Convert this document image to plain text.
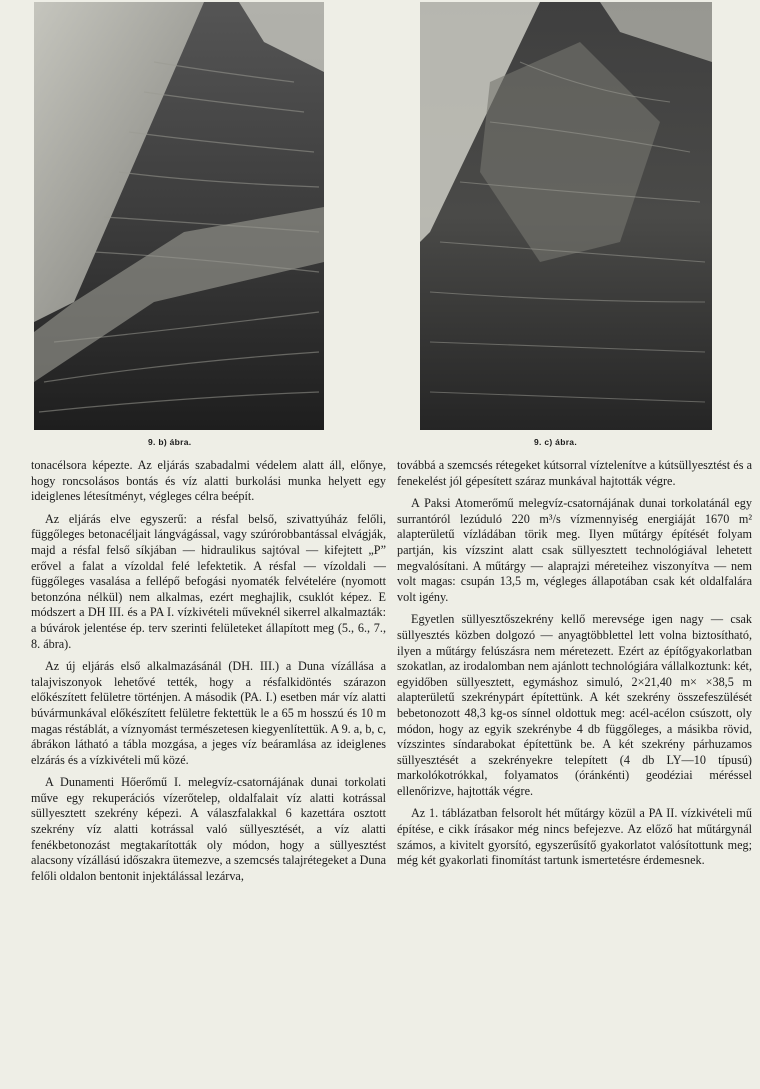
9. b) ábra.	9. c) ábra.

tonacélsora képezte. Az eljárás szabadalmi védelem alatt áll, előnye, hogy roncsolásos bontás és víz alatti burkolási munka helyett egy ideiglenes létesítményt, végleges célra beépít.

Az eljárás elve egyszerű: a résfal belső, szivattyúház felőli, függőleges betonacéljait lángvágással, vagy szúrórobbantással elvágják, majd a résfal felső síkjában — hidraulikus sajtóval — kifejtett „P” erővel a falat a vízoldal felé lefektetik. A résfal — vízoldali — függőleges vasalása a fellépő befogási nyomaték felvételére (nyomott betonzóna nélkül) nem alkalmas, ezért meghajlik, csuklót képez. E módszert a DH III. és a PA I. vízkivételi műveknél sikerrel alkalmazták: a búvárok jelentése ép. terv szerinti felületeket állapított meg (5., 6., 7., 8. ábra).

Az új eljárás első alkalmazásánál (DH. III.) a Duna vízállása a talajviszonyok lehetővé tették, hogy a résfalkidöntés szárazon előkészített felületre történjen. A második (PA. I.) esetben már víz alatti búvármunkával előkészített felületre fektettük le a 65 m hosszú és 10 m magas réstáblát, a víznyomást természetesen kiegyenlítettük. A 9. a, b, c, ábrákon látható a tábla mozgása, a jeges víz beáramlása az ideiglenes elzárás és a vízkivételi mű közé.

A Dunamenti Hőerőmű I. melegvíz-csatornájának dunai torkolati műve egy rekuperációs vízerőtelep, oldalfalait víz alatti kotrással süllyesztett szekrény képezi. A válaszfalakkal 6 kazettára osztott szekrény víz alatti kotrással való süllyesztését, a víz alatti fenékbetonozást megtakarították oly módon, hogy a süllyesztést alacsony vízállású időszakra ütemezve, a szemcsés talajrétegeket a Duna felőli oldalon bentonit injektálással lezárva,

továbbá a szemcsés rétegeket kútsorral víztelenítve a kútsüllyesztést és a fenekelést jól gépesített száraz munkával hajtották végre.

A Paksi Atomerőmű melegvíz-csatornájának dunai torkolatánál egy surrantóról lezúduló 220 m³/s vízmennyiség energiáját 1670 m² alapterületű vízládában törik meg. Ilyen műtárgy építését folyam partján, kis vízszint alatt csak süllyesztett technológiával lehetett megvalósítani. A műtárgy — alaprajzi méreteihez viszonyítva — nem volt magas: csupán 13,5 m, végleges állapotában csak két oldalfalára volt igény.

Egyetlen süllyesztőszekrény kellő merevsége igen nagy — csak süllyesztés közben dolgozó — anyagtöbblettel lett volna biztosítható, ilyen a műtárgy felúszásra nem méretezett. Ezért az építőgyakorlatban szokatlan, az irodalomban nem ajánlott technológiára vállalkoztunk: két, egyidőben süllyesztett, egymáshoz simuló, 2×21,40 m× ×38,5 m alapterületű szekrénypárt építettünk. A két szekrény összefeszülését bebetonozott 48,3 kg-os sínnel oldottuk meg: acél-acélon csúszott, oly módon, hogy az egyik szekrénybe 4 db függőleges, a másikba rövid, vízszintes síndarabokat építettünk be. A két szekrény párhuzamos süllyesztését a szekrényekre telepített (4 db LY—10 típusú) markolókotrókkal, folyamatos (óránkénti) geodéziai méréssel ellenőrizve, hajtották végre.

Az 1. táblázatban felsorolt hét műtárgy közül a PA II. vízkivételi mű építése, e cikk írásakor még nincs befejezve. Az előző hat műtárgynál számos, a kivitelt gyorsító, egyszerűsítő gyakorlatot valósítottunk meg; még két gyakorlati finomítást tartunk ismertetésre érdemesnek.
